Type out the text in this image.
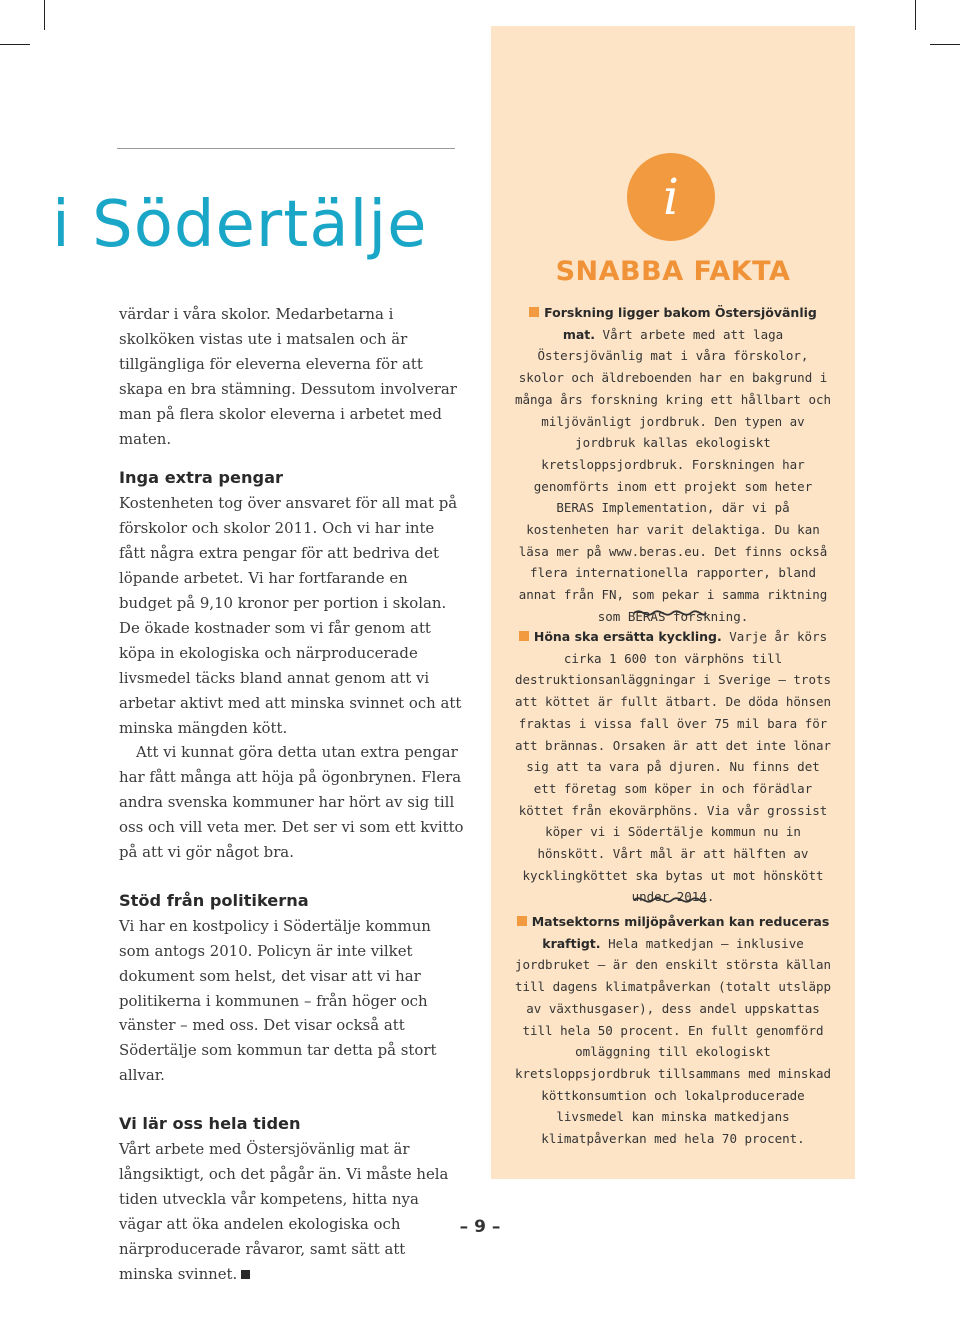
i Södertälje

värdar i våra skolor. Medarbetarna i skolköken vistas ute i matsalen och är tillgängliga för eleverna eleverna för att skapa en bra stämning. Dessutom involverar man på flera skolor eleverna i arbetet med maten.

Inga extra pengar

Kostenheten tog över ansvaret för all mat på förskolor och skolor 2011. Och vi har inte fått några extra pengar för att bedriva det löpande arbetet. Vi har fortfarande en budget på 9,10 kronor per portion i skolan. De ökade kostnader som vi får genom att köpa in ekologiska och närproducerade livsmedel täcks bland annat genom att vi arbetar aktivt med att minska svinnet och att minska mängden kött.

Att vi kunnat göra detta utan extra pengar har fått många att höja på ögonbrynen. Flera andra svenska kommuner har hört av sig till oss och vill veta mer. Det ser vi som ett kvitto på att vi gör något bra.

Stöd från politikerna

Vi har en kostpolicy i Södertälje kommun som antogs 2010. Policyn är inte vilket dokument som helst, det visar att vi har politikerna i kommunen – från höger och vänster – med oss. Det visar också att Södertälje som kommun tar detta på stort allvar.

Vi lär oss hela tiden

Vårt arbete med Östersjövänlig mat är långsiktigt, och det pågår än. Vi måste hela tiden utveckla vår kompetens, hitta nya vägar att öka andelen ekologiska och närproducerade råvaror, samt sätt att minska svinnet.

i
SNABBA FAKTA

Forskning ligger bakom Östersjövänlig mat. Vårt arbete med att laga Östersjövänlig mat i våra förskolor, skolor och äldreboenden har en bakgrund i många års forskning kring ett hållbart och miljövänligt jordbruk. Den typen av jordbruk kallas ekologiskt kretsloppsjordbruk. Forskningen har genomförts inom ett projekt som heter BERAS Implementation, där vi på kostenheten har varit delaktiga. Du kan läsa mer på www.beras.eu. Det finns också flera internationella rapporter, bland annat från FN, som pekar i samma riktning som BERAS forskning.

Höna ska ersätta kyckling. Varje år körs cirka 1 600 ton värphöns till destruktionsanläggningar i Sverige – trots att köttet är fullt ätbart. De döda hönsen fraktas i vissa fall över 75 mil bara för att brännas. Orsaken är att det inte lönar sig att ta vara på djuren. Nu finns det ett företag som köper in och förädlar köttet från ekovärphöns. Via vår grossist köper vi i Södertälje kommun nu in hönskött. Vårt mål är att hälften av kycklingköttet ska bytas ut mot hönskött under 2014.

Matsektorns miljöpåverkan kan reduceras kraftigt. Hela matkedjan – inklusive jordbruket – är den enskilt största källan till dagens klimatpåverkan (totalt utsläpp av växthusgaser), dess andel uppskattas till hela 50 procent. En fullt genomförd omläggning till ekologiskt kretsloppsjordbruk tillsammans med minskad köttkonsumtion och lokalproducerade livsmedel kan minska matkedjans klimatpåverkan med hela 70 procent.

– 9 –
